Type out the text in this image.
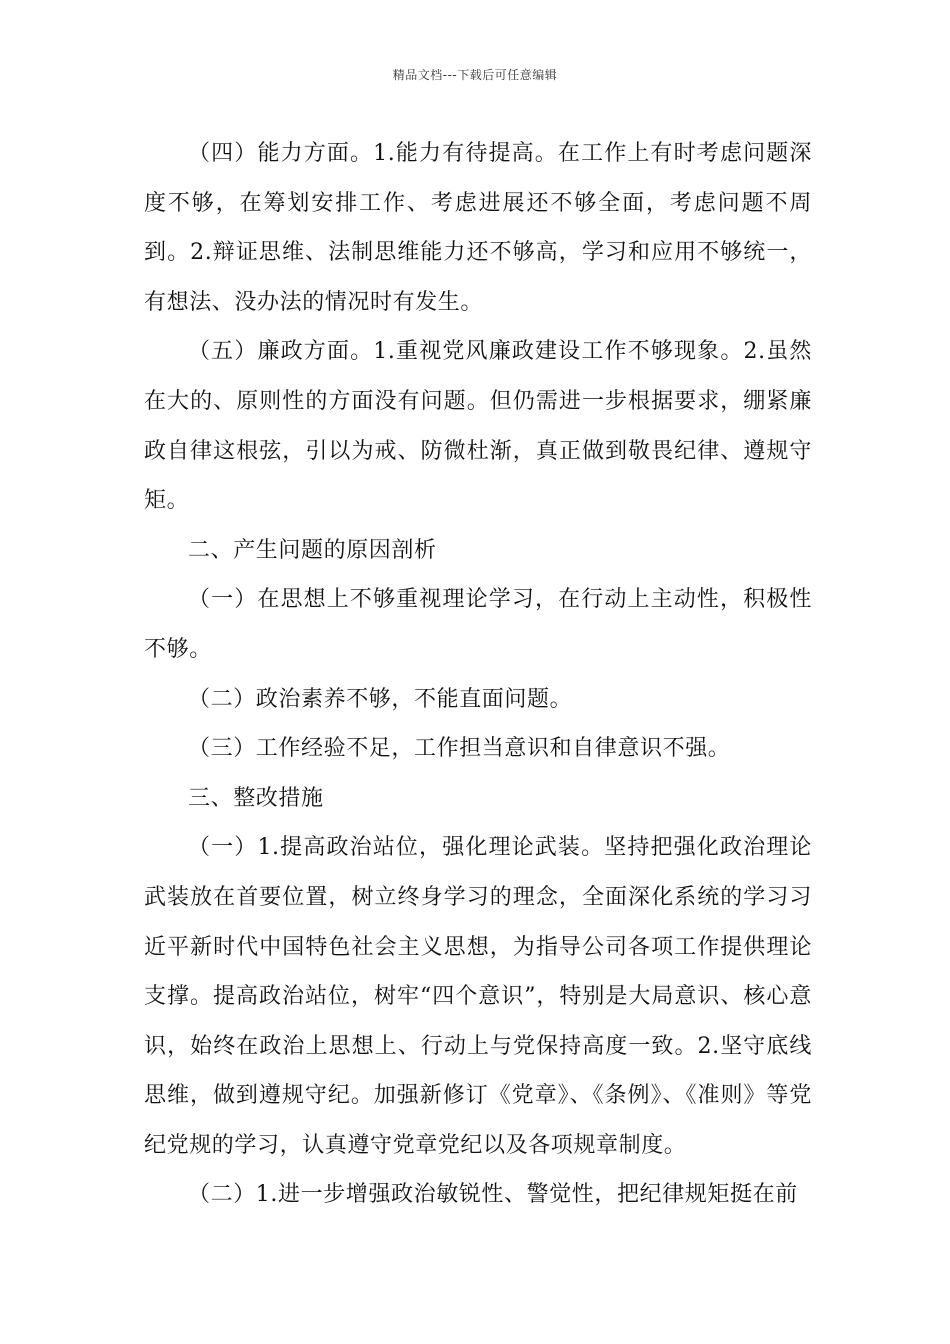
精品文档---下载后可任意编辑

（四）能力方面。1.能力有待提高。在工作上有时考虑问题深度不够，在筹划安排工作、考虑进展还不够全面，考虑问题不周到。2.辩证思维、法制思维能力还不够高，学习和应用不够统一，有想法、没办法的情况时有发生。

（五）廉政方面。1.重视党风廉政建设工作不够现象。2.虽然在大的、原则性的方面没有问题。但仍需进一步根据要求，绷紧廉政自律这根弦，引以为戒、防微杜渐，真正做到敬畏纪律、遵规守矩。

二、产生问题的原因剖析

（一）在思想上不够重视理论学习，在行动上主动性，积极性不够。

（二）政治素养不够，不能直面问题。

（三）工作经验不足，工作担当意识和自律意识不强。

三、整改措施

（一）1.提高政治站位，强化理论武装。坚持把强化政治理论武装放在首要位置，树立终身学习的理念，全面深化系统的学习习近平新时代中国特色社会主义思想，为指导公司各项工作提供理论支撑。提高政治站位，树牢“四个意识”，特别是大局意识、核心意识，始终在政治上思想上、行动上与党保持高度一致。2.坚守底线思维，做到遵规守纪。加强新修订《党章》、《条例》、《准则》等党纪党规的学习，认真遵守党章党纪以及各项规章制度。

（二）1.进一步增强政治敏锐性、警觉性，把纪律规矩挺在前
